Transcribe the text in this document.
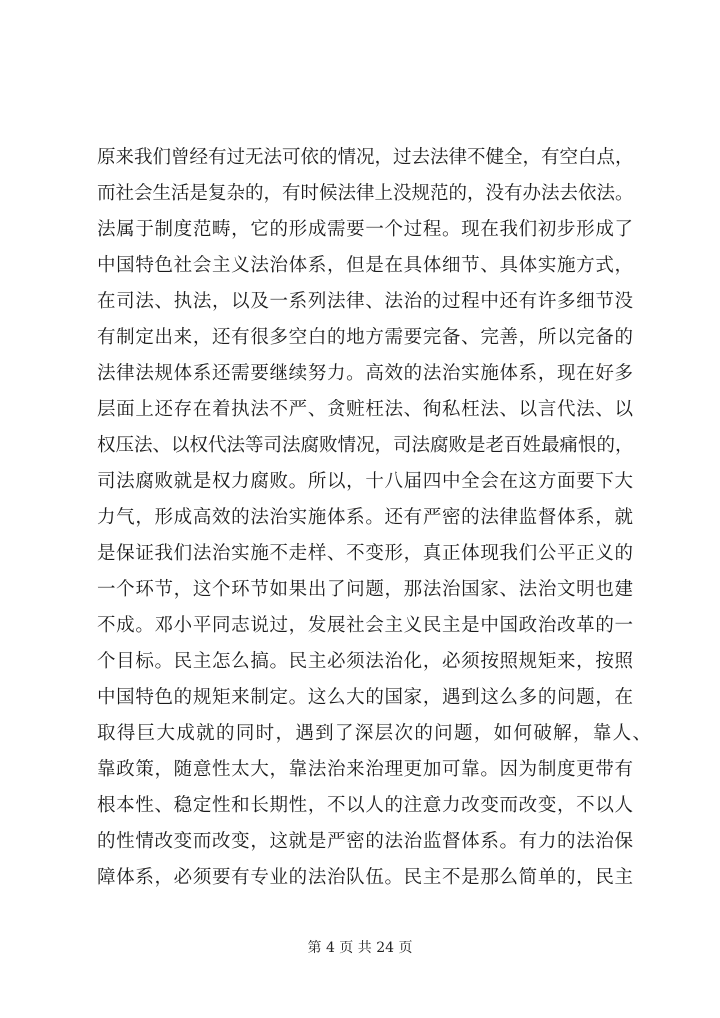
原来我们曾经有过无法可依的情况，过去法律不健全，有空白点，
而社会生活是复杂的，有时候法律上没规范的，没有办法去依法。
法属于制度范畴，它的形成需要一个过程。现在我们初步形成了
中国特色社会主义法治体系，但是在具体细节、具体实施方式，
在司法、执法，以及一系列法律、法治的过程中还有许多细节没
有制定出来，还有很多空白的地方需要完备、完善，所以完备的
法律法规体系还需要继续努力。高效的法治实施体系，现在好多
层面上还存在着执法不严、贪赃枉法、徇私枉法、以言代法、以
权压法、以权代法等司法腐败情况，司法腐败是老百姓最痛恨的，
司法腐败就是权力腐败。所以，十八届四中全会在这方面要下大
力气，形成高效的法治实施体系。还有严密的法律监督体系，就
是保证我们法治实施不走样、不变形，真正体现我们公平正义的
一个环节，这个环节如果出了问题，那法治国家、法治文明也建
不成。邓小平同志说过，发展社会主义民主是中国政治改革的一
个目标。民主怎么搞。民主必须法治化，必须按照规矩来，按照
中国特色的规矩来制定。这么大的国家，遇到这么多的问题，在
取得巨大成就的同时，遇到了深层次的问题，如何破解，靠人、
靠政策，随意性太大，靠法治来治理更加可靠。因为制度更带有
根本性、稳定性和长期性，不以人的注意力改变而改变，不以人
的性情改变而改变，这就是严密的法治监督体系。有力的法治保
障体系，必须要有专业的法治队伍。民主不是那么简单的，民主
第 4 页 共 24 页
